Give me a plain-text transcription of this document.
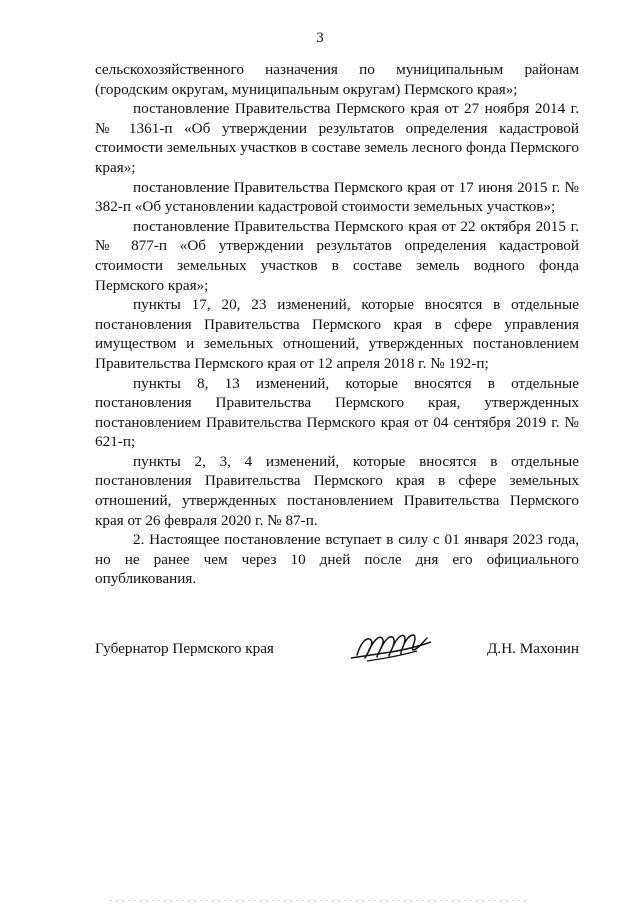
3

сельскохозяйственного назначения по муниципальным районам (городским округам, муниципальным округам) Пермского края»;

постановление Правительства Пермского края от 27 ноября 2014 г. № 1361-п «Об утверждении результатов определения кадастровой стоимости земельных участков в составе земель лесного фонда Пермского края»;

постановление Правительства Пермского края от 17 июня 2015 г. № 382-п «Об установлении кадастровой стоимости земельных участков»;

постановление Правительства Пермского края от 22 октября 2015 г. № 877-п «Об утверждении результатов определения кадастровой стоимости земельных участков в составе земель водного фонда Пермского края»;

пункты 17, 20, 23 изменений, которые вносятся в отдельные постановления Правительства Пермского края в сфере управления имуществом и земельных отношений, утвержденных постановлением Правительства Пермского края от 12 апреля 2018 г. № 192-п;

пункты 8, 13 изменений, которые вносятся в отдельные постановления Правительства Пермского края, утвержденных постановлением Правительства Пермского края от 04 сентября 2019 г. № 621-п;

пункты 2, 3, 4 изменений, которые вносятся в отдельные постановления Правительства Пермского края в сфере земельных отношений, утвержденных постановлением Правительства Пермского края от 26 февраля 2020 г. № 87-п.

2. Настоящее постановление вступает в силу с 01 января 2023 года, но не ранее чем через 10 дней после дня его официального опубликования.

Губернатор Пермского края	Д.Н. Махонин
